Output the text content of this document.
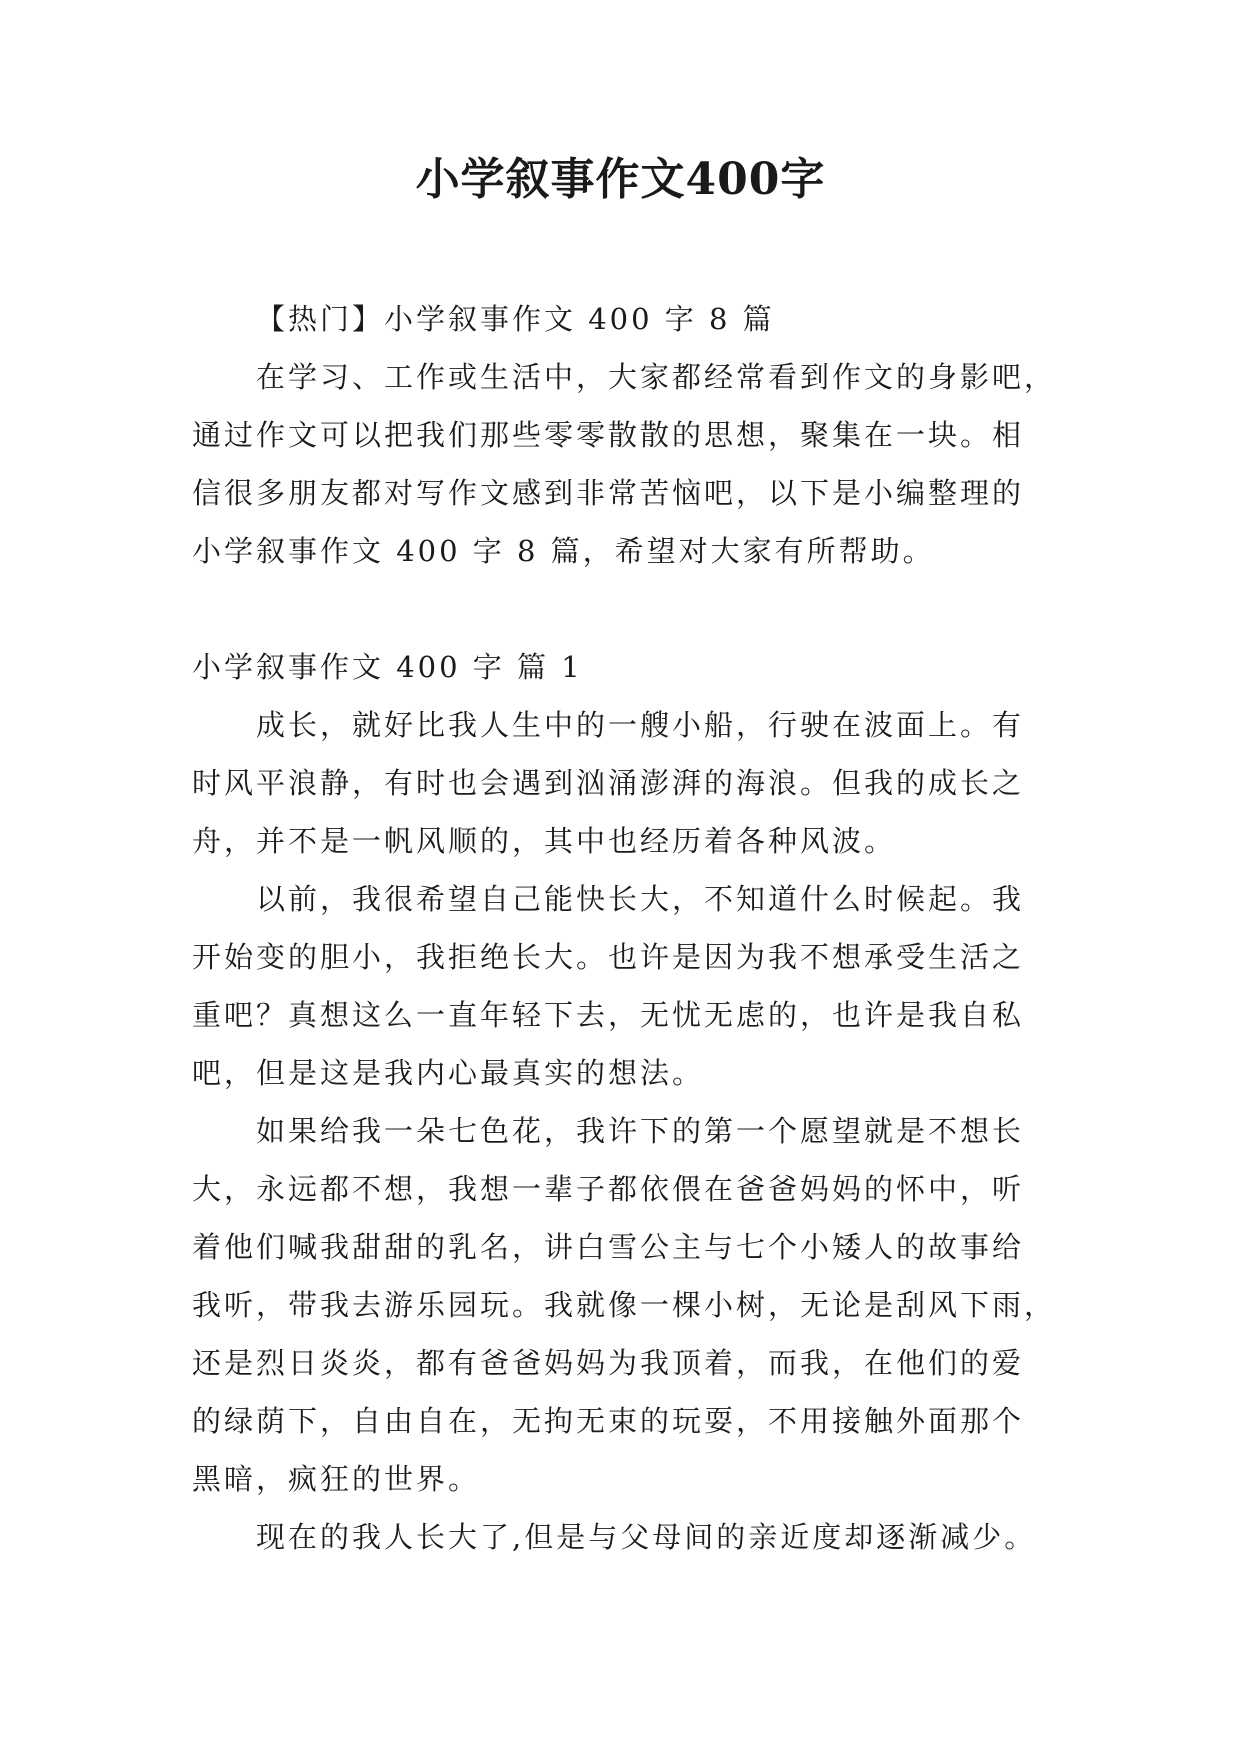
小学叙事作文400字
【热门】小学叙事作文 400 字 8 篇
在学习、工作或生活中，大家都经常看到作文的身影吧，
通过作文可以把我们那些零零散散的思想，聚集在一块。相
信很多朋友都对写作文感到非常苦恼吧，以下是小编整理的
小学叙事作文 400 字 8 篇，希望对大家有所帮助。
小学叙事作文 400 字 篇 1
成长，就好比我人生中的一艘小船，行驶在波面上。有
时风平浪静，有时也会遇到汹涌澎湃的海浪。但我的成长之
舟，并不是一帆风顺的，其中也经历着各种风波。
以前，我很希望自己能快长大，不知道什么时候起。我
开始变的胆小，我拒绝长大。也许是因为我不想承受生活之
重吧？真想这么一直年轻下去，无忧无虑的，也许是我自私
吧，但是这是我内心最真实的想法。
如果给我一朵七色花，我许下的第一个愿望就是不想长
大，永远都不想，我想一辈子都依偎在爸爸妈妈的怀中，听
着他们喊我甜甜的乳名，讲白雪公主与七个小矮人的故事给
我听，带我去游乐园玩。我就像一棵小树，无论是刮风下雨，
还是烈日炎炎，都有爸爸妈妈为我顶着，而我，在他们的爱
的绿荫下，自由自在，无拘无束的玩耍，不用接触外面那个
黑暗，疯狂的世界。
现在的我人长大了,但是与父母间的亲近度却逐渐减少。
